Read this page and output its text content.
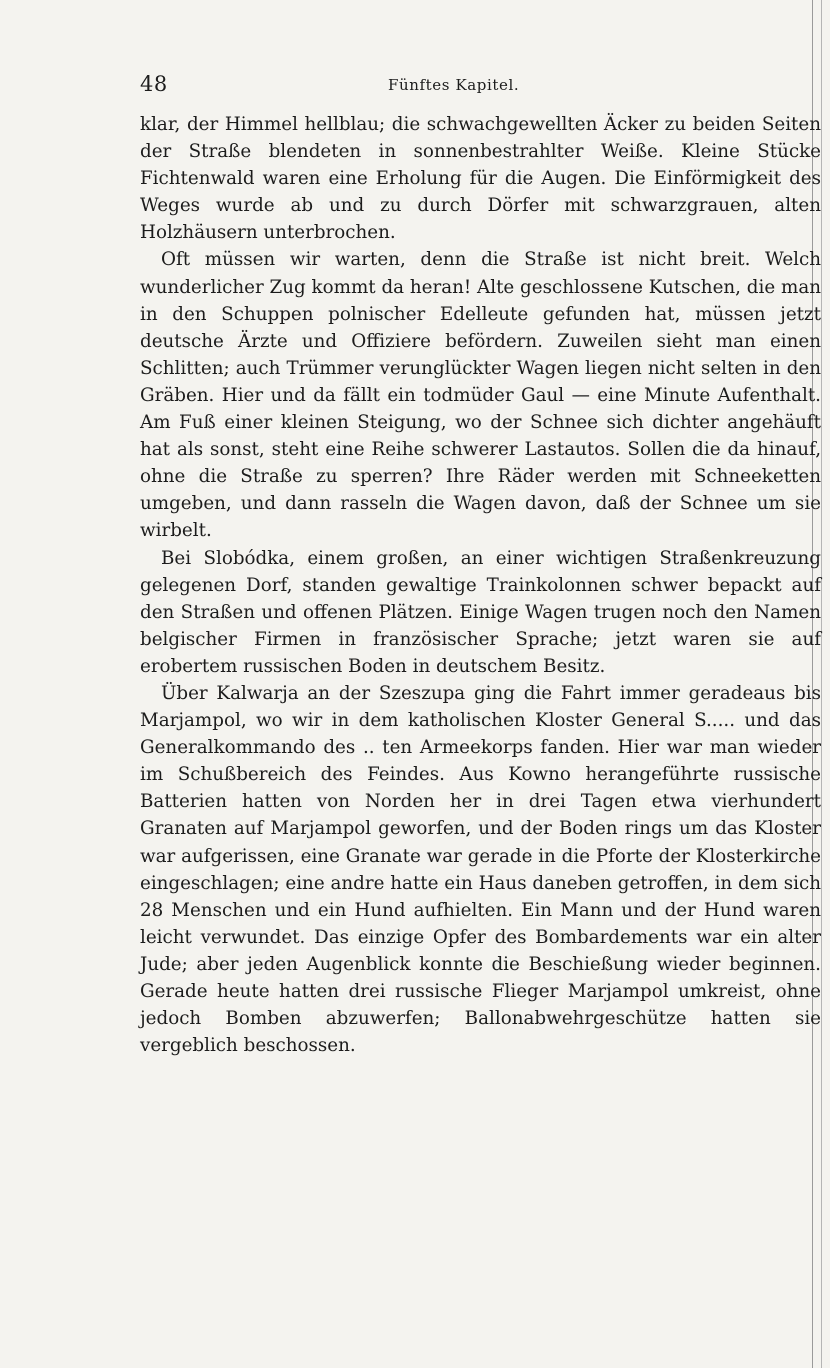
48	Fünftes Kapitel.

klar, der Himmel hellblau; die schwachgewellten Äcker zu beiden Seiten der Straße blendeten in sonnenbestrahlter Weiße. Kleine Stücke Fichtenwald waren eine Erholung für die Augen. Die Einförmigkeit des Weges wurde ab und zu durch Dörfer mit schwarzgrauen, alten Holzhäusern unterbrochen.

Oft müssen wir warten, denn die Straße ist nicht breit. Welch wunderlicher Zug kommt da heran! Alte geschlossene Kutschen, die man in den Schuppen polnischer Edelleute gefunden hat, müssen jetzt deutsche Ärzte und Offiziere befördern. Zuweilen sieht man einen Schlitten; auch Trümmer verunglückter Wagen liegen nicht selten in den Gräben. Hier und da fällt ein todmüder Gaul — eine Minute Aufenthalt. Am Fuß einer kleinen Steigung, wo der Schnee sich dichter angehäuft hat als sonst, steht eine Reihe schwerer Lastautos. Sollen die da hinauf, ohne die Straße zu sperren? Ihre Räder werden mit Schneeketten umgeben, und dann rasseln die Wagen davon, daß der Schnee um sie wirbelt.

Bei Slobódka, einem großen, an einer wichtigen Straßenkreuzung gelegenen Dorf, standen gewaltige Trainkolonnen schwer bepackt auf den Straßen und offenen Plätzen. Einige Wagen trugen noch den Namen belgischer Firmen in französischer Sprache; jetzt waren sie auf erobertem russischen Boden in deutschem Besitz.

Über Kalwarja an der Szeszupa ging die Fahrt immer geradeaus bis Marjampol, wo wir in dem katholischen Kloster General S..... und das Generalkommando des .. ten Armeekorps fanden. Hier war man wieder im Schußbereich des Feindes. Aus Kowno herangeführte russische Batterien hatten von Norden her in drei Tagen etwa vierhundert Granaten auf Marjampol geworfen, und der Boden rings um das Kloster war aufgerissen, eine Granate war gerade in die Pforte der Klosterkirche eingeschlagen; eine andre hatte ein Haus daneben getroffen, in dem sich 28 Menschen und ein Hund aufhielten. Ein Mann und der Hund waren leicht verwundet. Das einzige Opfer des Bombardements war ein alter Jude; aber jeden Augenblick konnte die Beschießung wieder beginnen. Gerade heute hatten drei russische Flieger Marjampol umkreist, ohne jedoch Bomben abzuwerfen; Ballonabwehrgeschütze hatten sie vergeblich beschossen.
